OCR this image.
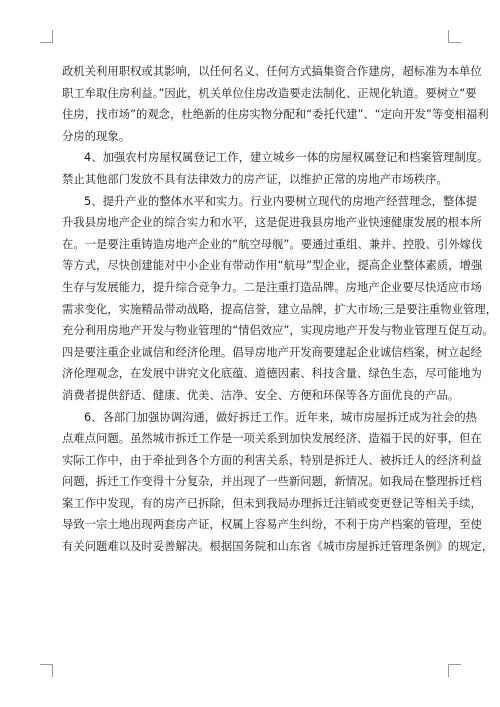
政机关利用职权或其影响，以任何名义、任何方式搞集资合作建房，超标准为本单位
职工牟取住房利益。”因此，机关单位住房改造要走法制化、正规化轨道。要树立“要
住房，找市场”的观念，杜绝新的住房实物分配和“委托代建”、“定向开发”等变相福利
分房的现象。

4、加强农村房屋权属登记工作，建立城乡一体的房屋权属登记和档案管理制度。
禁止其他部门发放不具有法律效力的房产证，以维护正常的房地产市场秩序。

5、提升产业的整体水平和实力。行业内要树立现代的房地产经营理念，整体提
升我县房地产企业的综合实力和水平，这是促进我县房地产业快速健康发展的根本所
在。一是要注重铸造房地产企业的“航空母舰”。要通过重组、兼并、控股、引外嫁伐
等方式，尽快创建能对中小企业有带动作用“航母”型企业，提高企业整体素质，增强
生存与发展能力，提升综合竞争力。二是注重打造品牌。房地产企业要尽快适应市场
需求变化，实施精品带动战略，提高信誉，建立品牌，扩大市场;三是要注重物业管理，
充分利用房地产开发与物业管理的“情侣效应”，实现房地产开发与物业管理互促互动。
四是要注重企业诚信和经济伦理。倡导房地产开发商要建起企业诚信档案，树立起经
济伦理观念，在发展中讲究文化底蕴、道德因素、科技含量、绿色生态，尽可能地为
消费者提供舒适、健康、优美、洁净、安全、方便和环保等各方面优良的产品。

6、各部门加强协调沟通，做好拆迁工作。近年来，城市房屋拆迁成为社会的热
点难点问题。虽然城市拆迁工作是一项关系到加快发展经济、造福于民的好事，但在
实际工作中，由于牵扯到各个方面的利害关系，特别是拆迁人、被拆迁人的经济利益
问题，拆迁工作变得十分复杂，并出现了一些新问题，新情况。如我局在整理拆迁档
案工作中发现，有的房产已拆除，但未到我局办理拆迁注销或变更登记等相关手续，
导致一宗土地出现两套房产证，权属上容易产生纠纷，不利于房产档案的管理，至使
有关问题难以及时妥善解决。根据国务院和山东省《城市房屋拆迁管理条例》的规定，
